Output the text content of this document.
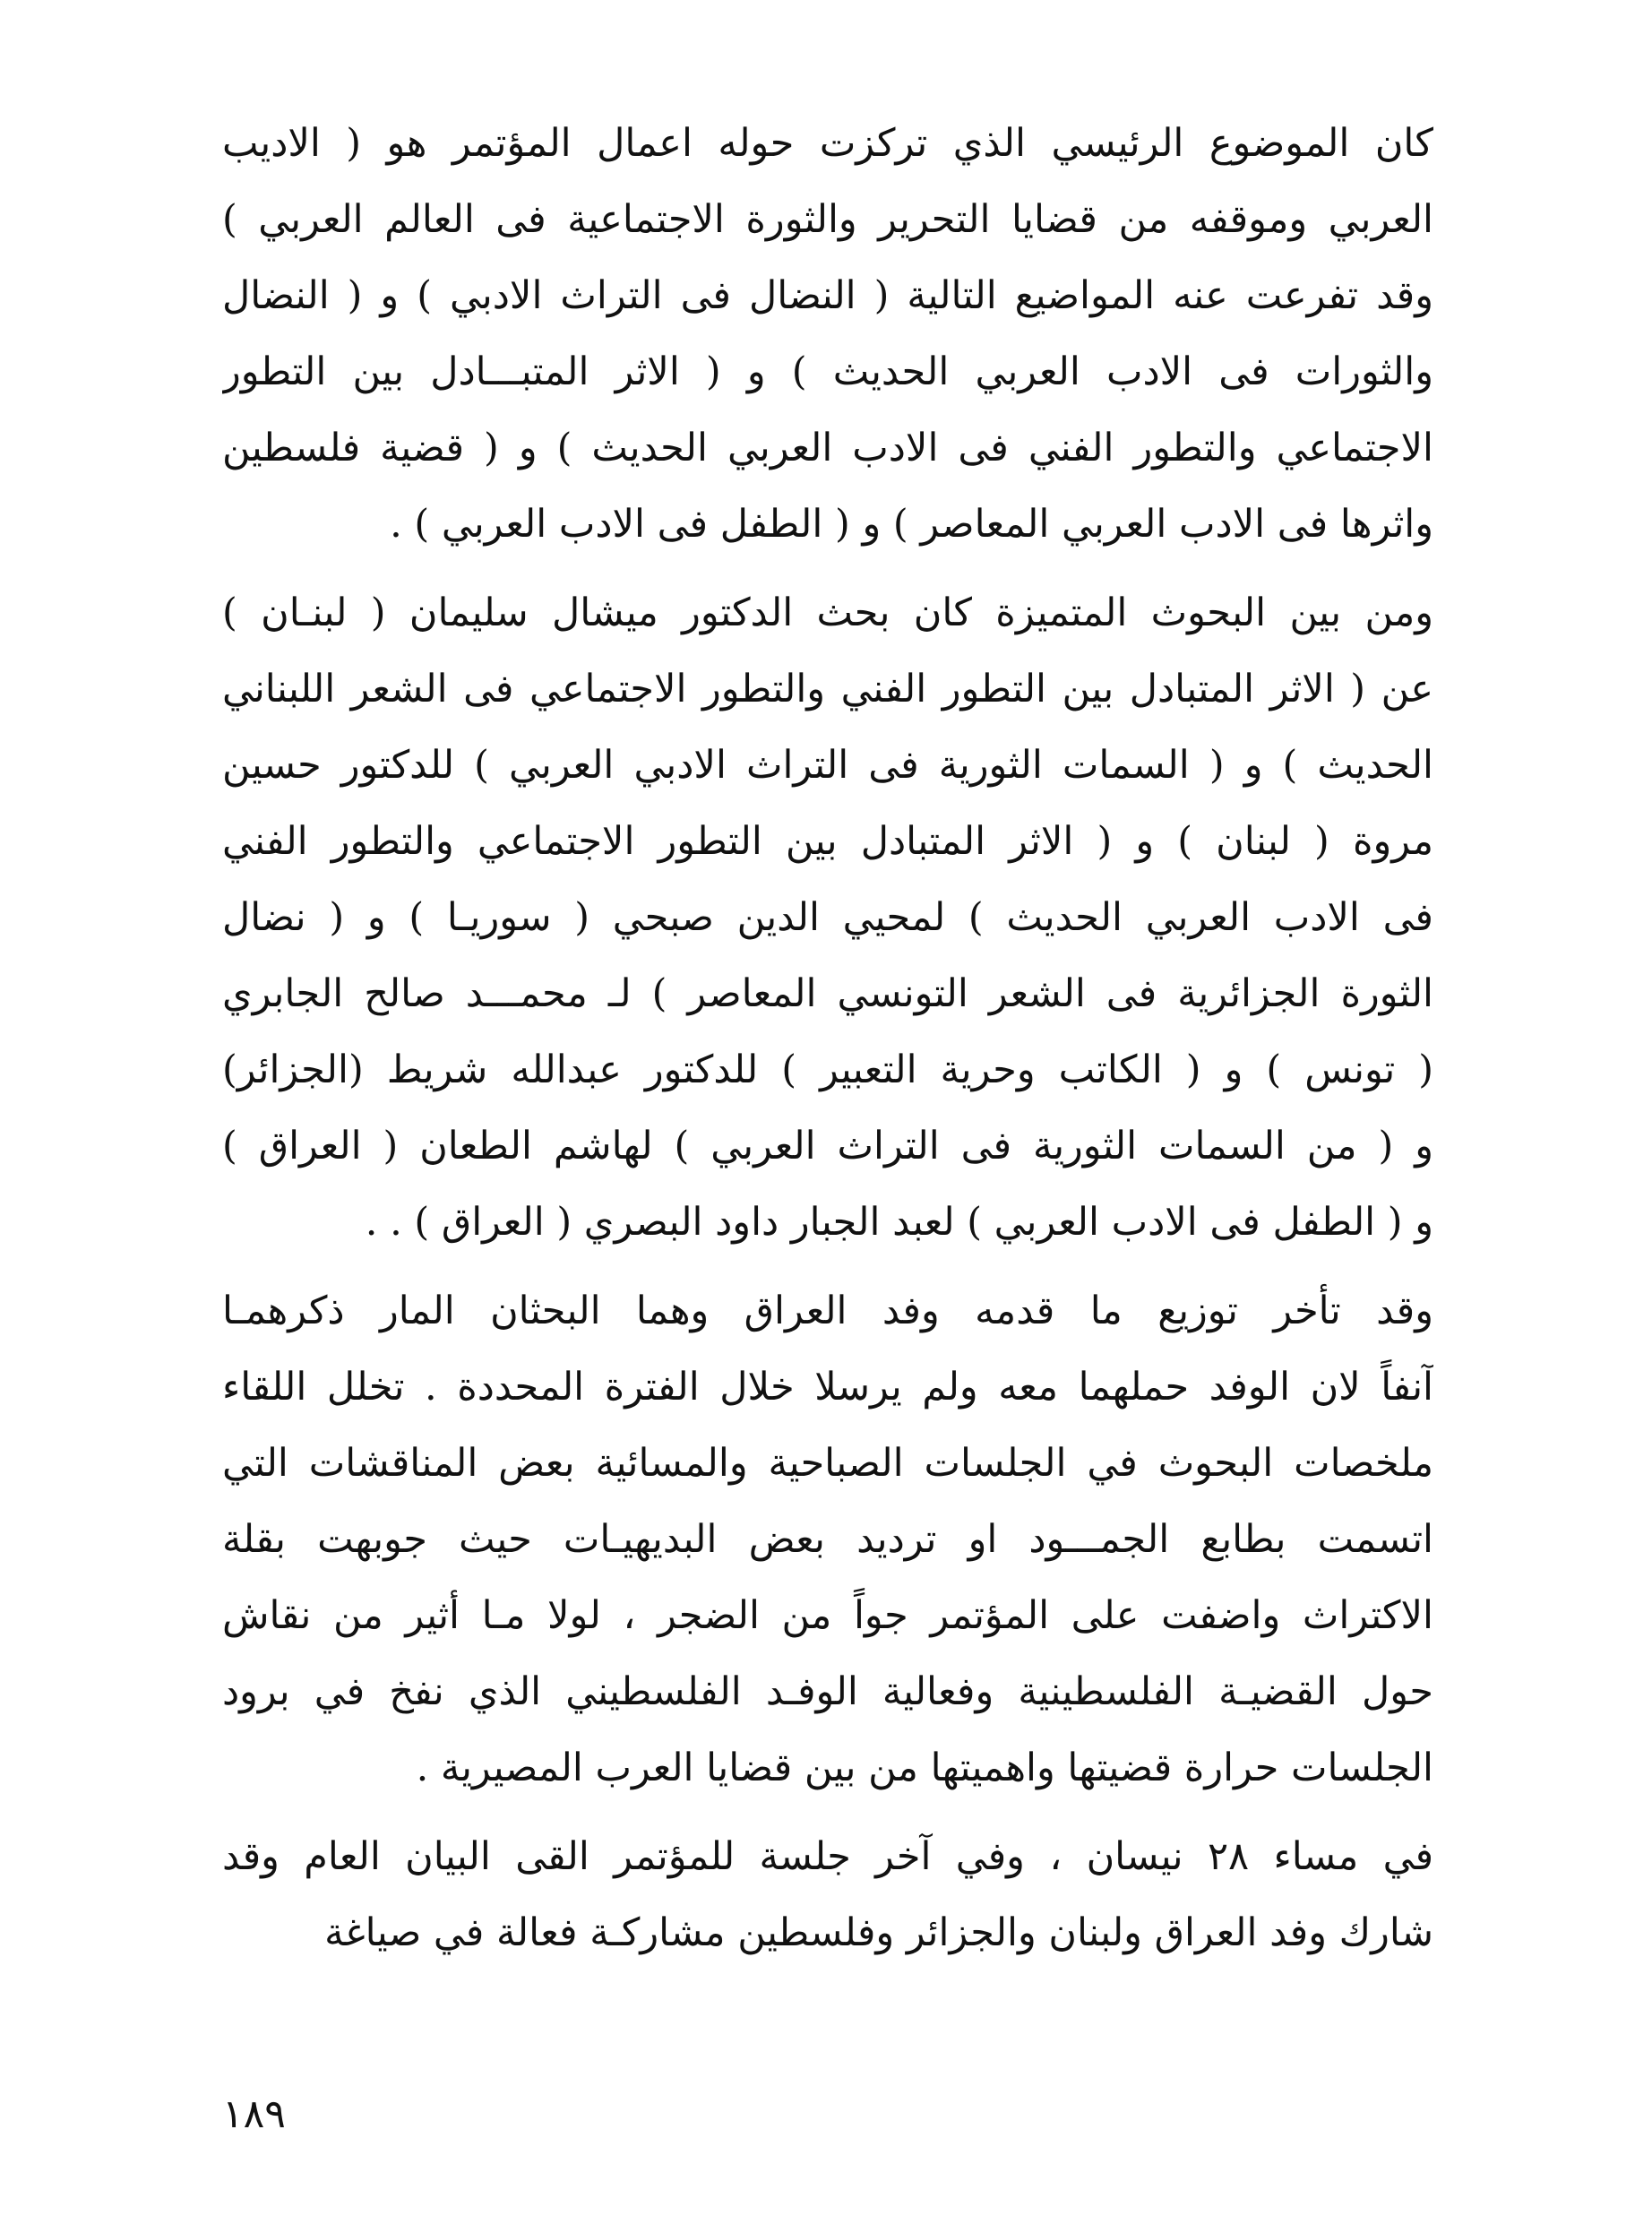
كان الموضوع الرئيسي الذي تركزت حوله اعمال المؤتمر هو ( الاديب
العربي وموقفه من قضايا التحرير والثورة الاجتماعية فى العالم العربي )
وقد تفرعت عنه المواضيع التالية ( النضال فى التراث الادبي ) و ( النضال
والثورات فى الادب العربي الحديث ) و ( الاثر المتبـــادل بين التطور
الاجتماعي والتطور الفني فى الادب العربي الحديث ) و ( قضية فلسطين
واثرها فى الادب العربي المعاصر ) و ( الطفل فى الادب العربي ) .
ومن بين البحوث المتميزة كان بحث الدكتور ميشال سليمان ( لبنـان )
عن ( الاثر المتبادل بين التطور الفني والتطور الاجتماعي فى الشعر اللبناني
الحديث ) و ( السمات الثورية فى التراث الادبي العربي ) للدكتور حسين
مروة ( لبنان ) و ( الاثر المتبادل بين التطور الاجتماعي والتطور الفني
فى الادب العربي الحديث ) لمحيي الدين صبحي ( سوريـا ) و ( نضال
الثورة الجزائرية فى الشعر التونسي المعاصر ) لـ محمـــد صالح الجابري
( تونس ) و ( الكاتب وحرية التعبير ) للدكتور عبدالله شريط (الجزائر)
و ( من السمات الثورية فى التراث العربي ) لهاشم الطعان ( العراق )
و ( الطفل فى الادب العربي ) لعبد الجبار داود البصري ( العراق ) . .
وقد تأخر توزيع ما قدمه وفد العراق وهما البحثان المار ذكرهمـا
آنفاً لان الوفد حملهما معه ولم يرسلا خلال الفترة المحددة . تخلل اللقاء
ملخصات البحوث في الجلسات الصباحية والمسائية بعض المناقشات التي
اتسمت بطابع الجمـــود او ترديد بعض البديهيـات حيث جوبهت بقلة
الاكتراث واضفت على المؤتمر جواً من الضجر ، لولا مـا أثير من نقاش
حول القضيـة الفلسطينية وفعالية الوفـد الفلسطيني الذي نفخ في برود
الجلسات حرارة قضيتها واهميتها من بين قضايا العرب المصيرية .
في مساء ٢٨ نيسان ، وفي آخر جلسة للمؤتمر القى البيان العام وقد
شارك وفد العراق ولبنان والجزائر وفلسطين مشاركـة فعالة في صياغة
١٨٩
